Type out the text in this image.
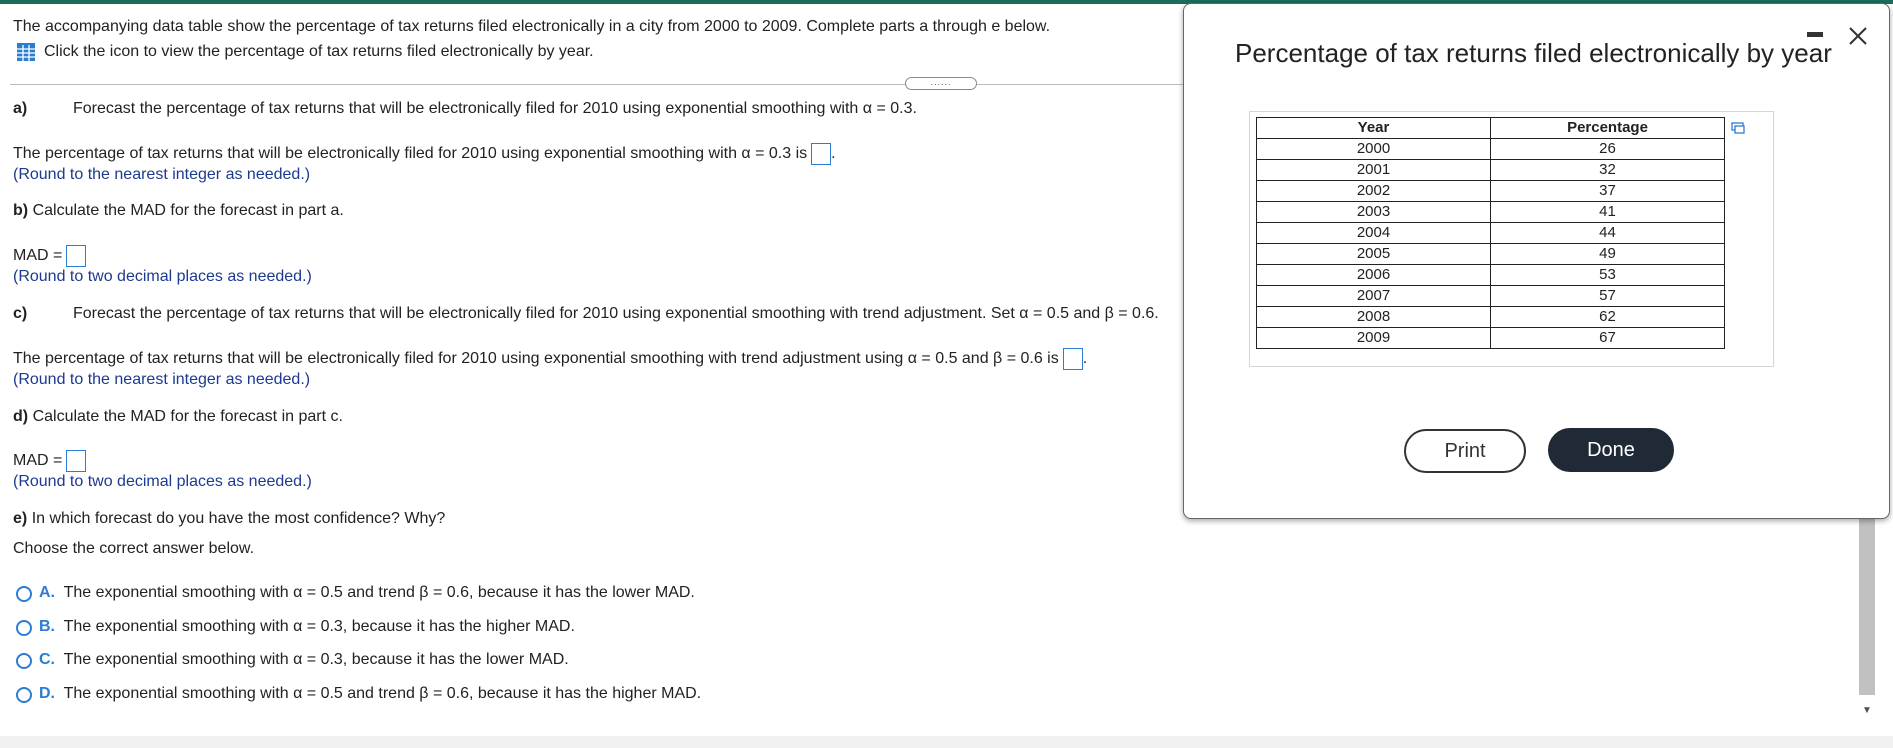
The accompanying data table show the percentage of tax returns filed electronically in a city from 2000 to 2009. Complete parts a through e below.
Click the icon to view the percentage of tax returns filed electronically by year.
......
a)	Forecast the percentage of tax returns that will be electronically filed for 2010 using exponential smoothing with α = 0.3.
The percentage of tax returns that will be electronically filed for 2010 using exponential smoothing with α = 0.3 is .
(Round to the nearest integer as needed.)
b) Calculate the MAD for the forecast in part a.
MAD =
(Round to two decimal places as needed.)
c)	Forecast the percentage of tax returns that will be electronically filed for 2010 using exponential smoothing with trend adjustment. Set α = 0.5 and β = 0.6.
The percentage of tax returns that will be electronically filed for 2010 using exponential smoothing with trend adjustment using α = 0.5 and β = 0.6 is .
(Round to the nearest integer as needed.)
d) Calculate the MAD for the forecast in part c.
MAD =
(Round to two decimal places as needed.)
e) In which forecast do you have the most confidence? Why?
Choose the correct answer below.
A. The exponential smoothing with α = 0.5 and trend β = 0.6, because it has the lower MAD.
B. The exponential smoothing with α = 0.3, because it has the higher MAD.
C. The exponential smoothing with α = 0.3, because it has the lower MAD.
D. The exponential smoothing with α = 0.5 and trend β = 0.6, because it has the higher MAD.
▼
Percentage of tax returns filed electronically by year
Year	Percentage
2000	26
2001	32
2002	37
2003	41
2004	44
2005	49
2006	53
2007	57
2008	62
2009	67
Print	Done
